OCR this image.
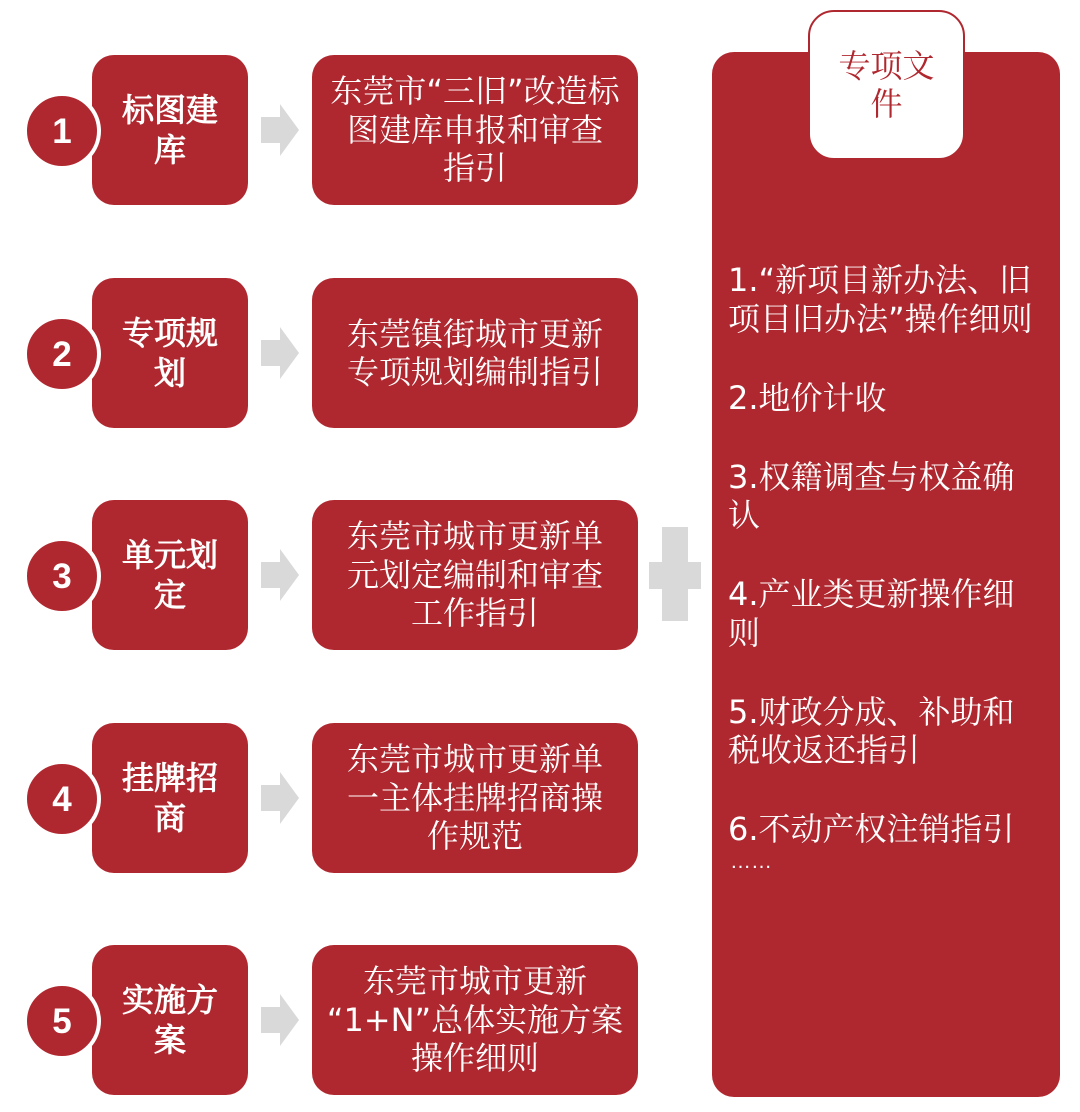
标图建
库
1
东莞市“三旧”改造标
图建库申报和审查
指引
专项规
划
2
东莞镇街城市更新
专项规划编制指引
单元划
定
3
东莞市城市更新单
元划定编制和审查
工作指引
挂牌招
商
4
东莞市城市更新单
一主体挂牌招商操
作规范
实施方
案
5
东莞市城市更新
“1+N”总体实施方案
操作细则
1.“新项目新办法、旧
项目旧办法”操作细则
2.地价计收
3.权籍调查与权益确
认
4.产业类更新操作细
则
5.财政分成、补助和
税收返还指引
6.不动产权注销指引
……
专项文
件
